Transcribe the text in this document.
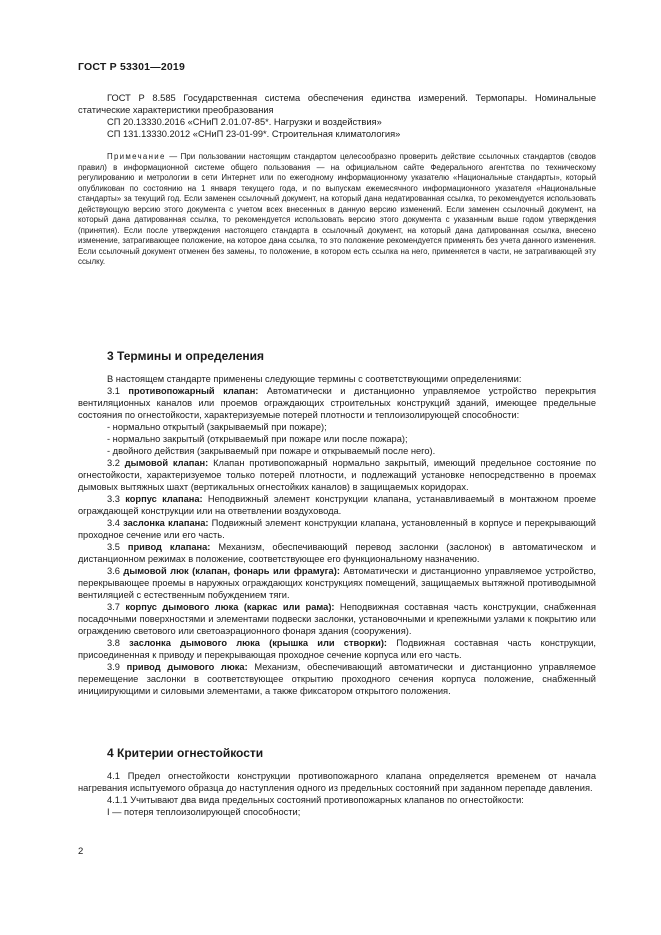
ГОСТ Р 53301—2019

ГОСТ Р 8.585 Государственная система обеспечения единства измерений. Термопары. Номинальные статические характеристики преобразования

СП 20.13330.2016 «СНиП 2.01.07-85*. Нагрузки и воздействия»

СП 131.13330.2012 «СНиП 23-01-99*. Строительная климатология»

Примечание — При пользовании настоящим стандартом целесообразно проверить действие ссылочных стандартов (сводов правил) в информационной системе общего пользования — на официальном сайте Федерального агентства по техническому регулированию и метрологии в сети Интернет или по ежегодному информационному указателю «Национальные стандарты», который опубликован по состоянию на 1 января текущего года, и по выпускам ежемесячного информационного указателя «Национальные стандарты» за текущий год. Если заменен ссылочный документ, на который дана недатированная ссылка, то рекомендуется использовать действующую версию этого документа с учетом всех внесенных в данную версию изменений. Если заменен ссылочный документ, на который дана датированная ссылка, то рекомендуется использовать версию этого документа с указанным выше годом утверждения (принятия). Если после утверждения настоящего стандарта в ссылочный документ, на который дана датированная ссылка, внесено изменение, затрагивающее положение, на которое дана ссылка, то это положение рекомендуется применять без учета данного изменения. Если ссылочный документ отменен без замены, то положение, в котором есть ссылка на него, применяется в части, не затрагивающей эту ссылку.

3 Термины и определения

В настоящем стандарте применены следующие термины с соответствующими определениями:

3.1 противопожарный клапан: Автоматически и дистанционно управляемое устройство перекрытия вентиляционных каналов или проемов ограждающих строительных конструкций зданий, имеющее предельные состояния по огнестойкости, характеризуемые потерей плотности и теплоизолирующей способности:

- нормально открытый (закрываемый при пожаре);

- нормально закрытый (открываемый при пожаре или после пожара);

- двойного действия (закрываемый при пожаре и открываемый после него).

3.2 дымовой клапан: Клапан противопожарный нормально закрытый, имеющий предельное состояние по огнестойкости, характеризуемое только потерей плотности, и подлежащий установке непосредственно в проемах дымовых вытяжных шахт (вертикальных огнестойких каналов) в защищаемых коридорах.

3.3 корпус клапана: Неподвижный элемент конструкции клапана, устанавливаемый в монтажном проеме ограждающей конструкции или на ответвлении воздуховода.

3.4 заслонка клапана: Подвижный элемент конструкции клапана, установленный в корпусе и перекрывающий проходное сечение или его часть.

3.5 привод клапана: Механизм, обеспечивающий перевод заслонки (заслонок) в автоматическом и дистанционном режимах в положение, соответствующее его функциональному назначению.

3.6 дымовой люк (клапан, фонарь или фрамуга): Автоматически и дистанционно управляемое устройство, перекрывающее проемы в наружных ограждающих конструкциях помещений, защищаемых вытяжной противодымной вентиляцией с естественным побуждением тяги.

3.7 корпус дымового люка (каркас или рама): Неподвижная составная часть конструкции, снабженная посадочными поверхностями и элементами подвески заслонки, установочными и крепежными узлами к покрытию или ограждению светового или светоаэрационного фонаря здания (сооружения).

3.8 заслонка дымового люка (крышка или створки): Подвижная составная часть конструкции, присоединенная к приводу и перекрывающая проходное сечение корпуса или его часть.

3.9 привод дымового люка: Механизм, обеспечивающий автоматически и дистанционно управляемое перемещение заслонки в соответствующее открытию проходного сечения корпуса положение, снабженный инициирующими и силовыми элементами, а также фиксатором открытого положения.

4 Критерии огнестойкости

4.1 Предел огнестойкости конструкции противопожарного клапана определяется временем от начала нагревания испытуемого образца до наступления одного из предельных состояний при заданном перепаде давления.

4.1.1 Учитывают два вида предельных состояний противопожарных клапанов по огнестойкости:

I — потеря теплоизолирующей способности;

2
